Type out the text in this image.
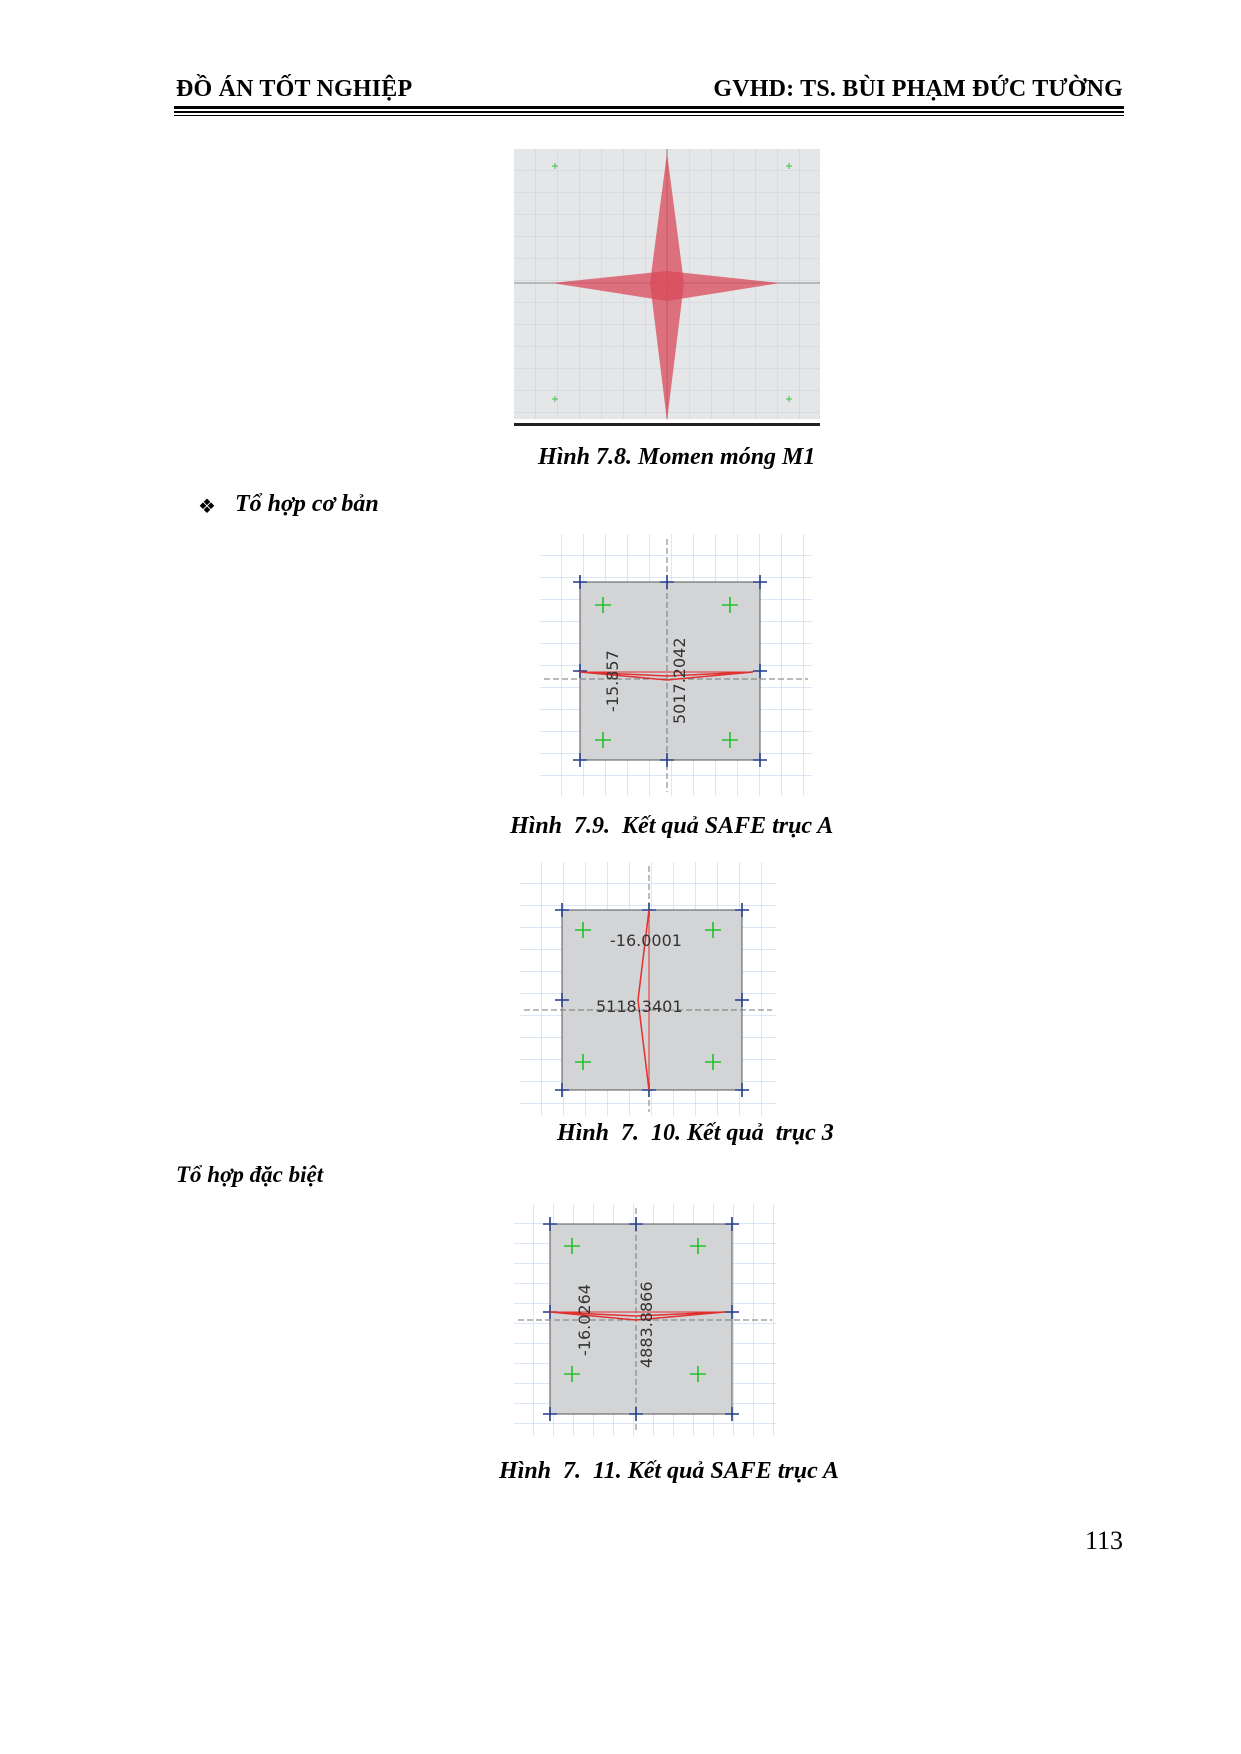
ĐỒ ÁN TỐT NGHIỆP	GVHD: TS. BÙI PHẠM ĐỨC TƯỜNG
Hình 7.8. Momen móng M1
❖ Tổ hợp cơ bản
-15.857	5017.2042
Hình  7.9.  Kết quả SAFE trục A
-16.0001
5118.3401
Hình  7.  10. Kết quả  trục 3
Tổ hợp đặc biệt
-16.0264	4883.8866
Hình  7.  11. Kết quả SAFE trục A
113
